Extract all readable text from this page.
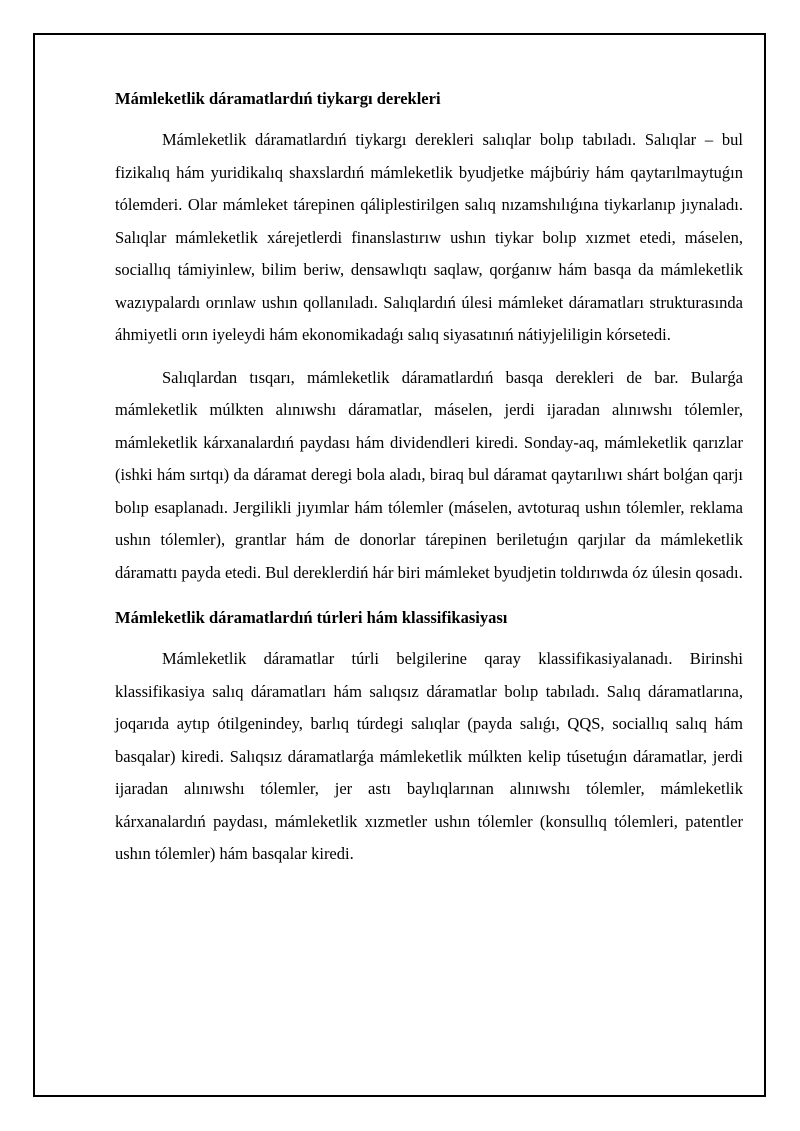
Mámleketlik dáramatlardıń tiykargı derekleri

Mámleketlik dáramatlardıń tiykargı derekleri salıqlar bolıp tabıladı. Salıqlar – bul fizikalıq hám yuridikalıq shaxslardıń mámleketlik byudjetke májbúriy hám qaytarılmaytuǵın tólemderi. Olar mámleket tárepinen qáliplestirilgen salıq nızamshılıǵına tiykarlanıp jıynaladı. Salıqlar mámleketlik xárejetlerdi finanslastırıw ushın tiykar bolıp xızmet etedi, máselen, sociallıq támiyinlew, bilim beriw, densawlıqtı saqlaw, qorǵanıw hám basqa da mámleketlik wazıypalardı orınlaw ushın qollanıladı. Salıqlardıń úlesi mámleket dáramatları strukturasında áhmiyetli orın iyeleydi hám ekonomikadaǵı salıq siyasatınıń nátiyjeliligin kórsetedi.

Salıqlardan tısqarı, mámleketlik dáramatlardıń basqa derekleri de bar. Bularǵa mámleketlik múlkten alınıwshı dáramatlar, máselen, jerdi ijaradan alınıwshı tólemler, mámleketlik kárxanalardıń paydası hám dividendleri kiredi. Sonday-aq, mámleketlik qarızlar (ishki hám sırtqı) da dáramat deregi bola aladı, biraq bul dáramat qaytarılıwı shárt bolǵan qarjı bolıp esaplanadı. Jergilikli jıyımlar hám tólemler (máselen, avtoturaq ushın tólemler, reklama ushın tólemler), grantlar hám de donorlar tárepinen beriletuǵın qarjılar da mámleketlik dáramattı payda etedi. Bul dereklerdiń hár biri mámleket byudjetin toldırıwda óz úlesin qosadı.

Mámleketlik dáramatlardıń túrleri hám klassifikasiyası

Mámleketlik dáramatlar túrli belgilerine qaray klassifikasiyalanadı. Birinshi klassifikasiya salıq dáramatları hám salıqsız dáramatlar bolıp tabıladı. Salıq dáramatlarına, joqarıda aytıp ótilgenindey, barlıq túrdegi salıqlar (payda salıǵı, QQS, sociallıq salıq hám basqalar) kiredi. Salıqsız dáramatlarǵa mámleketlik múlkten kelip túsetuǵın dáramatlar, jerdi ijaradan alınıwshı tólemler, jer astı baylıqlarınan alınıwshı tólemler, mámleketlik kárxanalardıń paydası, mámleketlik xızmetler ushın tólemler (konsullıq tólemleri, patentler ushın tólemler) hám basqalar kiredi.
